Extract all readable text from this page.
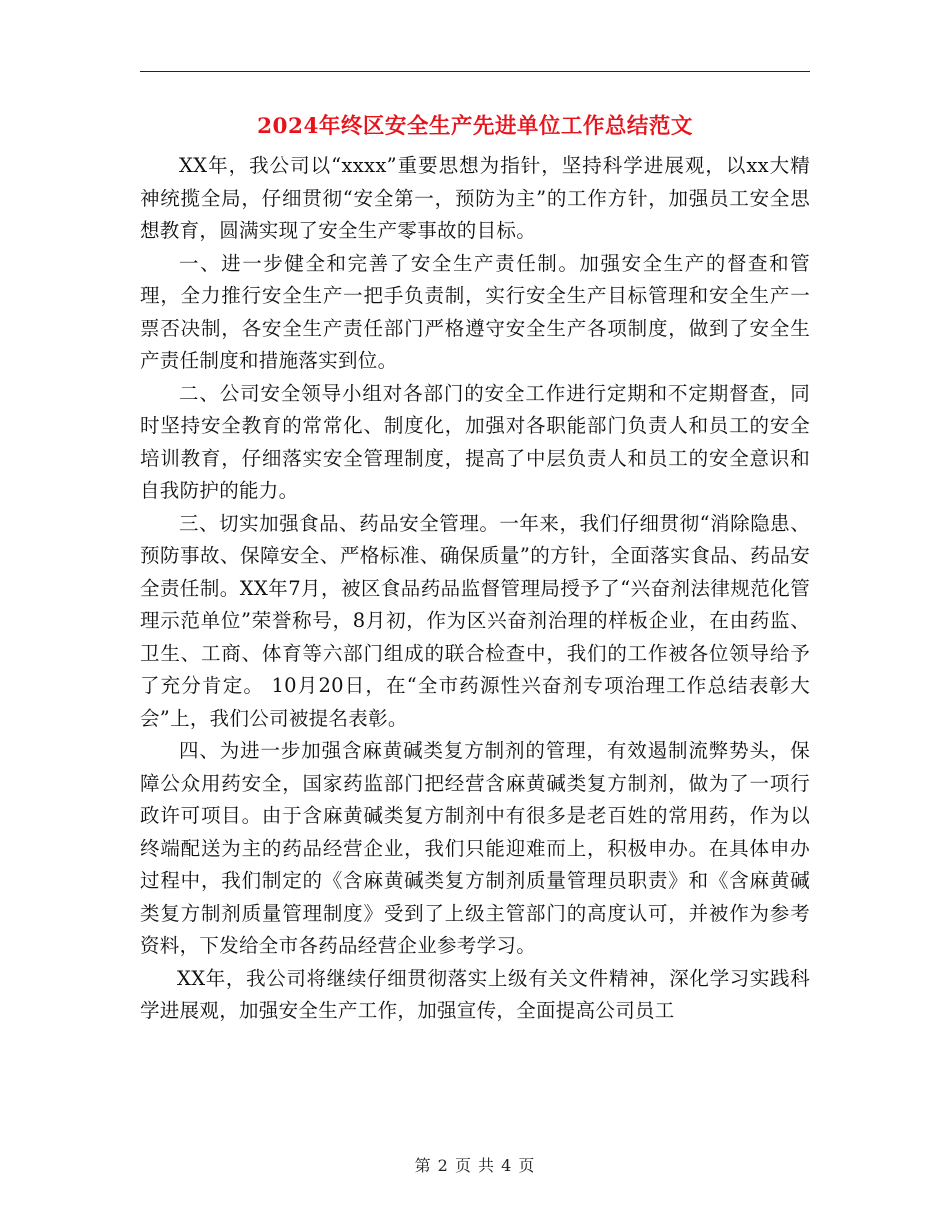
2024年终区安全生产先进单位工作总结范文

XX年，我公司以“xxxx”重要思想为指针，坚持科学进展观，以xx大精神统揽全局，仔细贯彻“安全第一，预防为主”的工作方针，加强员工安全思想教育，圆满实现了安全生产零事故的目标。

一、进一步健全和完善了安全生产责任制。加强安全生产的督查和管理，全力推行安全生产一把手负责制，实行安全生产目标管理和安全生产一票否决制，各安全生产责任部门严格遵守安全生产各项制度，做到了安全生产责任制度和措施落实到位。

二、公司安全领导小组对各部门的安全工作进行定期和不定期督查，同时坚持安全教育的常常化、制度化，加强对各职能部门负责人和员工的安全培训教育，仔细落实安全管理制度，提高了中层负责人和员工的安全意识和自我防护的能力。

三、切实加强食品、药品安全管理。一年来，我们仔细贯彻“消除隐患、预防事故、保障安全、严格标准、确保质量”的方针，全面落实食品、药品安全责任制。XX年7月，被区食品药品监督管理局授予了“兴奋剂法律规范化管理示范单位”荣誉称号，8月初，作为区兴奋剂治理的样板企业，在由药监、卫生、工商、体育等六部门组成的联合检查中，我们的工作被各位领导给予了充分肯定。 10月20日，在“全市药源性兴奋剂专项治理工作总结表彰大会”上，我们公司被提名表彰。

四、为进一步加强含麻黄碱类复方制剂的管理，有效遏制流弊势头，保障公众用药安全，国家药监部门把经营含麻黄碱类复方制剂，做为了一项行政许可项目。由于含麻黄碱类复方制剂中有很多是老百姓的常用药，作为以终端配送为主的药品经营企业，我们只能迎难而上，积极申办。在具体申办过程中，我们制定的《含麻黄碱类复方制剂质量管理员职责》和《含麻黄碱类复方制剂质量管理制度》受到了上级主管部门的高度认可，并被作为参考资料，下发给全市各药品经营企业参考学习。

XX年，我公司将继续仔细贯彻落实上级有关文件精神，深化学习实践科学进展观，加强安全生产工作，加强宣传，全面提高公司员工

第 2 页 共 4 页
